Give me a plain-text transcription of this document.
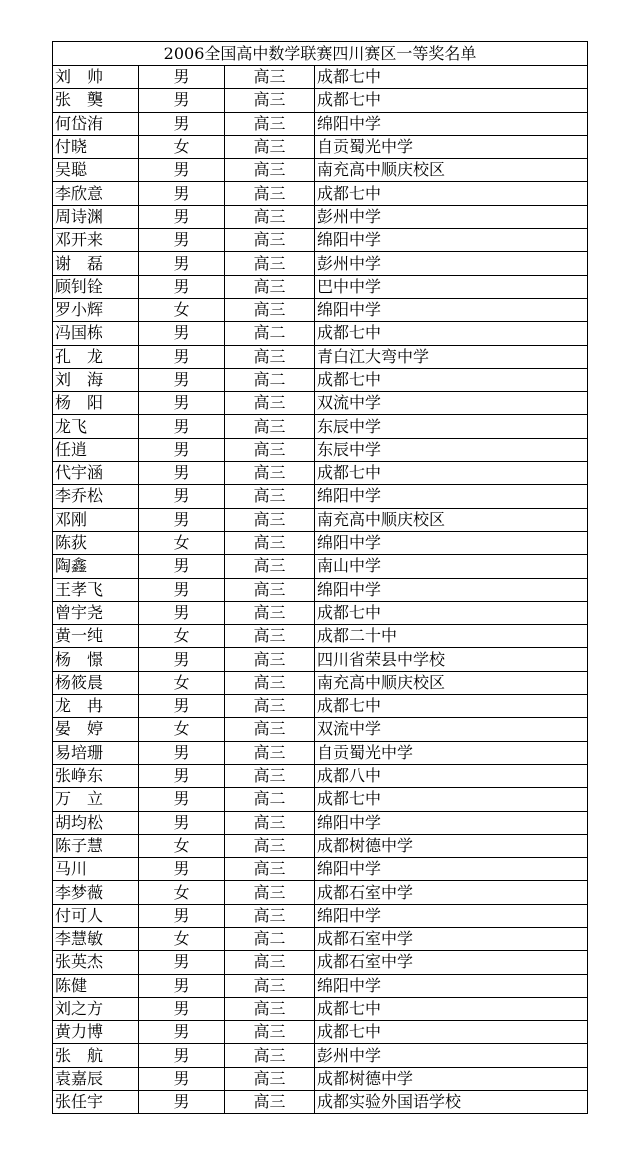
2006全国高中数学联赛四川赛区一等奖名单			
刘　帅	男	高三	成都七中
张　龑	男	高三	成都七中
何岱洧	男	高三	绵阳中学
付晓	女	高三	自贡蜀光中学
吴聪	男	高三	南充高中顺庆校区
李欣意	男	高三	成都七中
周诗渊	男	高三	彭州中学
邓开来	男	高三	绵阳中学
谢　磊	男	高三	彭州中学
顾钊铨	男	高三	巴中中学
罗小辉	女	高三	绵阳中学
冯国栋	男	高二	成都七中
孔　龙	男	高三	青白江大弯中学
刘　海	男	高二	成都七中
杨　阳	男	高三	双流中学
龙飞	男	高三	东辰中学
任逍	男	高三	东辰中学
代宇涵	男	高三	成都七中
李乔松	男	高三	绵阳中学
邓刚	男	高三	南充高中顺庆校区
陈荻	女	高三	绵阳中学
陶鑫	男	高三	南山中学
王孝飞	男	高三	绵阳中学
曾宇尧	男	高三	成都七中
黄一纯	女	高三	成都二十中
杨　憬	男	高三	四川省荣县中学校
杨筱晨	女	高三	南充高中顺庆校区
龙　冉	男	高三	成都七中
晏　婷	女	高三	双流中学
易培珊	男	高三	自贡蜀光中学
张峥东	男	高三	成都八中
万　立	男	高二	成都七中
胡均松	男	高三	绵阳中学
陈子慧	女	高三	成都树德中学
马川	男	高三	绵阳中学
李梦薇	女	高三	成都石室中学
付可人	男	高三	绵阳中学
李慧敏	女	高二	成都石室中学
张英杰	男	高三	成都石室中学
陈健	男	高三	绵阳中学
刘之方	男	高三	成都七中
黄力博	男	高三	成都七中
张　航	男	高三	彭州中学
袁嘉辰	男	高三	成都树德中学
张任宇	男	高三	成都实验外国语学校
